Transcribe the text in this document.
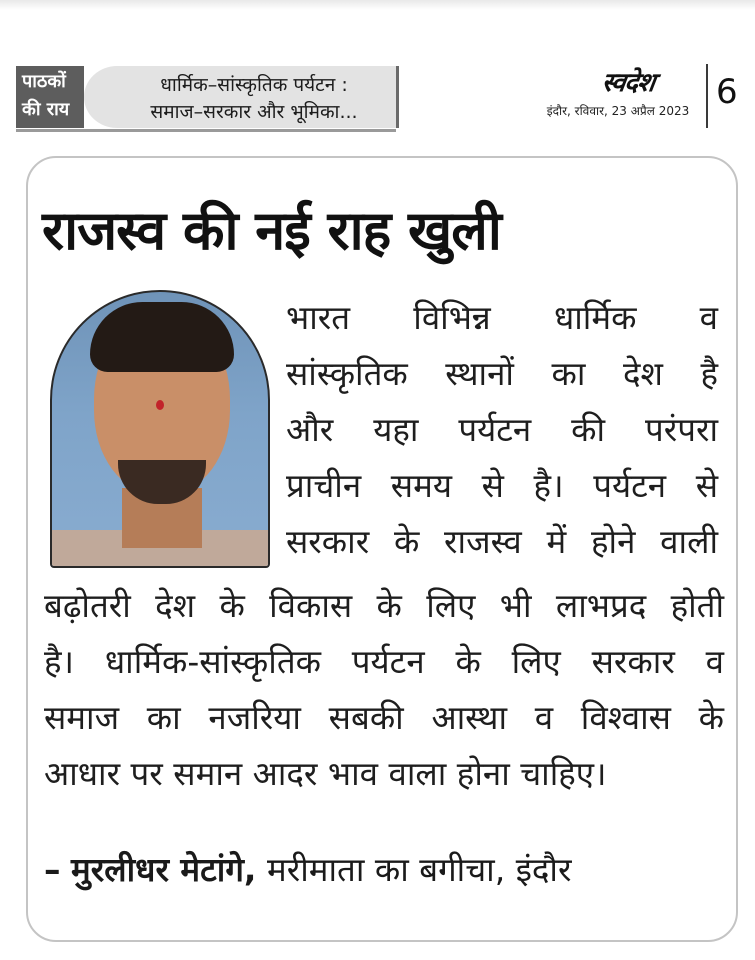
पाठकों
की राय
धार्मिक–सांस्कृतिक पर्यटन :
समाज–सरकार और भूमिका...
स्वदेश
इंदौर, रविवार, 23 अप्रैल 2023 6
राजस्व की नई राह खुली
भारत विभिन्न धार्मिक व
सांस्कृतिक स्थानों का देश है
और यहा पर्यटन की परंपरा
प्राचीन समय से है। पर्यटन से
सरकार के राजस्व में होने वाली
बढ़ोतरी देश के विकास के लिए भी लाभप्रद होती
है। धार्मिक-सांस्कृतिक पर्यटन के लिए सरकार व
समाज का नजरिया सबकी आस्था व विश्वास के
आधार पर समान आदर भाव वाला होना चाहिए।
– मुरलीधर मेटांगे, मरीमाता का बगीचा, इंदौर
